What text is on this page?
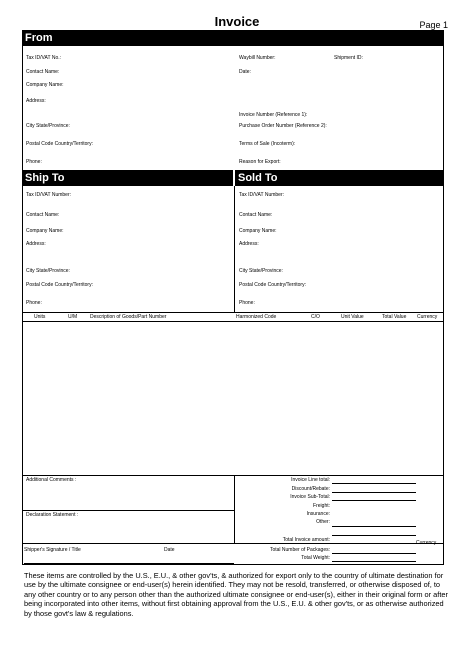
Invoice	Page 1
From
Tax ID/VAT No.:
Contact Name:
Company Name:
Address:
City State/Province:
Postal Code Country/Territory:
Phone:
Waybill Number:	Shipment ID:
Date:
Invoice Number (Reference 1):
Purchase Order Number (Reference 2):
Terms of Sale (Incoterm):
Reason for Export:
Ship To	Sold To
Tax ID/VAT Number:
Contact Name:
Company Name:
Address:
City State/Province:
Postal Code Country/Territory:
Phone:
Tax ID/VAT Number:
Contact Name:
Company Name:
Address:
City State/Province:
Postal Code Country/Territory:
Phone:
Units	U/M	Description of Goods/Part Number	Harmonized Code	C/O	Unit Value	Total Value Currency
Additional Comments :
Declaration Statement :
Invoice Line total:
Discount/Rebate:
Invoice Sub-Total:
Freight:
Insurance:
Other:
Total Invoice amount:
Shipper's Signature / Title	Date	Total Number of Packages:
Total Weight:
These items are controlled by the U.S., E.U., & other gov'ts, & authorized for export only to the country of ultimate destination for use by the ultimate consignee or end-user(s) herein identified. They may not be resold, transferred, or otherwise disposed of, to any other country or to any person other than the authorized ultimate consignee or end-user(s), either in their original form or after being incorporated into other items, without first obtaining approval from the U.S., E.U. & other gov'ts, or as otherwise authorized by those govt's law & regulations.
